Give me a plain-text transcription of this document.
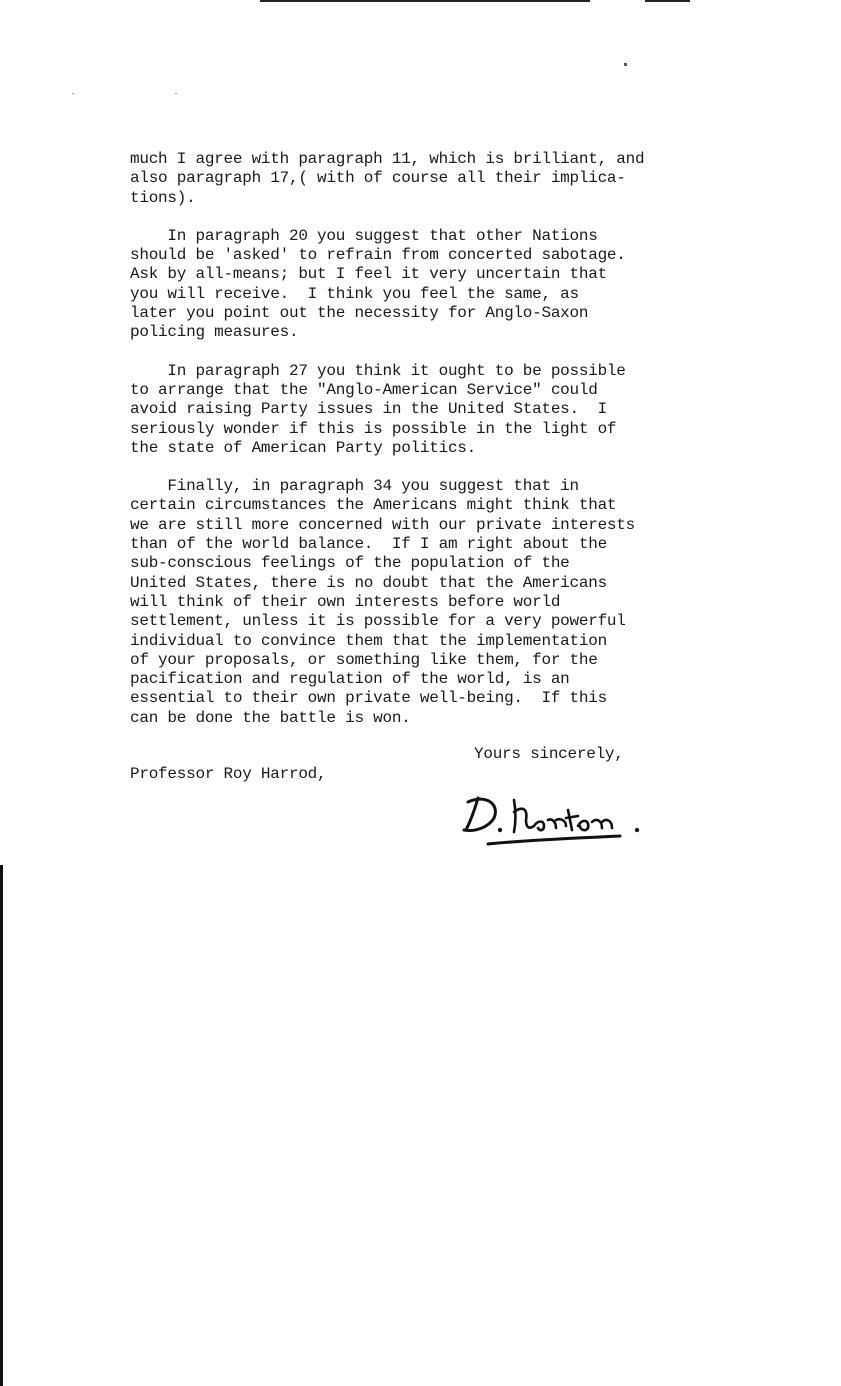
much I agree with paragraph 11, which is brilliant, and
also paragraph 17,( with of course all their implica-
tions).

In paragraph 20 you suggest that other Nations
should be 'asked' to refrain from concerted sabotage.
Ask by all-means; but I feel it very uncertain that
you will receive.  I think you feel the same, as
later you point out the necessity for Anglo-Saxon
policing measures.

In paragraph 27 you think it ought to be possible
to arrange that the "Anglo-American Service" could
avoid raising Party issues in the United States.  I
seriously wonder if this is possible in the light of
the state of American Party politics.

Finally, in paragraph 34 you suggest that in
certain circumstances the Americans might think that
we are still more concerned with our private interests
than of the world balance.  If I am right about the
sub-conscious feelings of the population of the
United States, there is no doubt that the Americans
will think of their own interests before world
settlement, unless it is possible for a very powerful
individual to convince them that the implementation
of your proposals, or something like them, for the
pacification and regulation of the world, is an
essential to their own private well-being.  If this
can be done the battle is won.

Yours sincerely,
Professor Roy Harrod,
